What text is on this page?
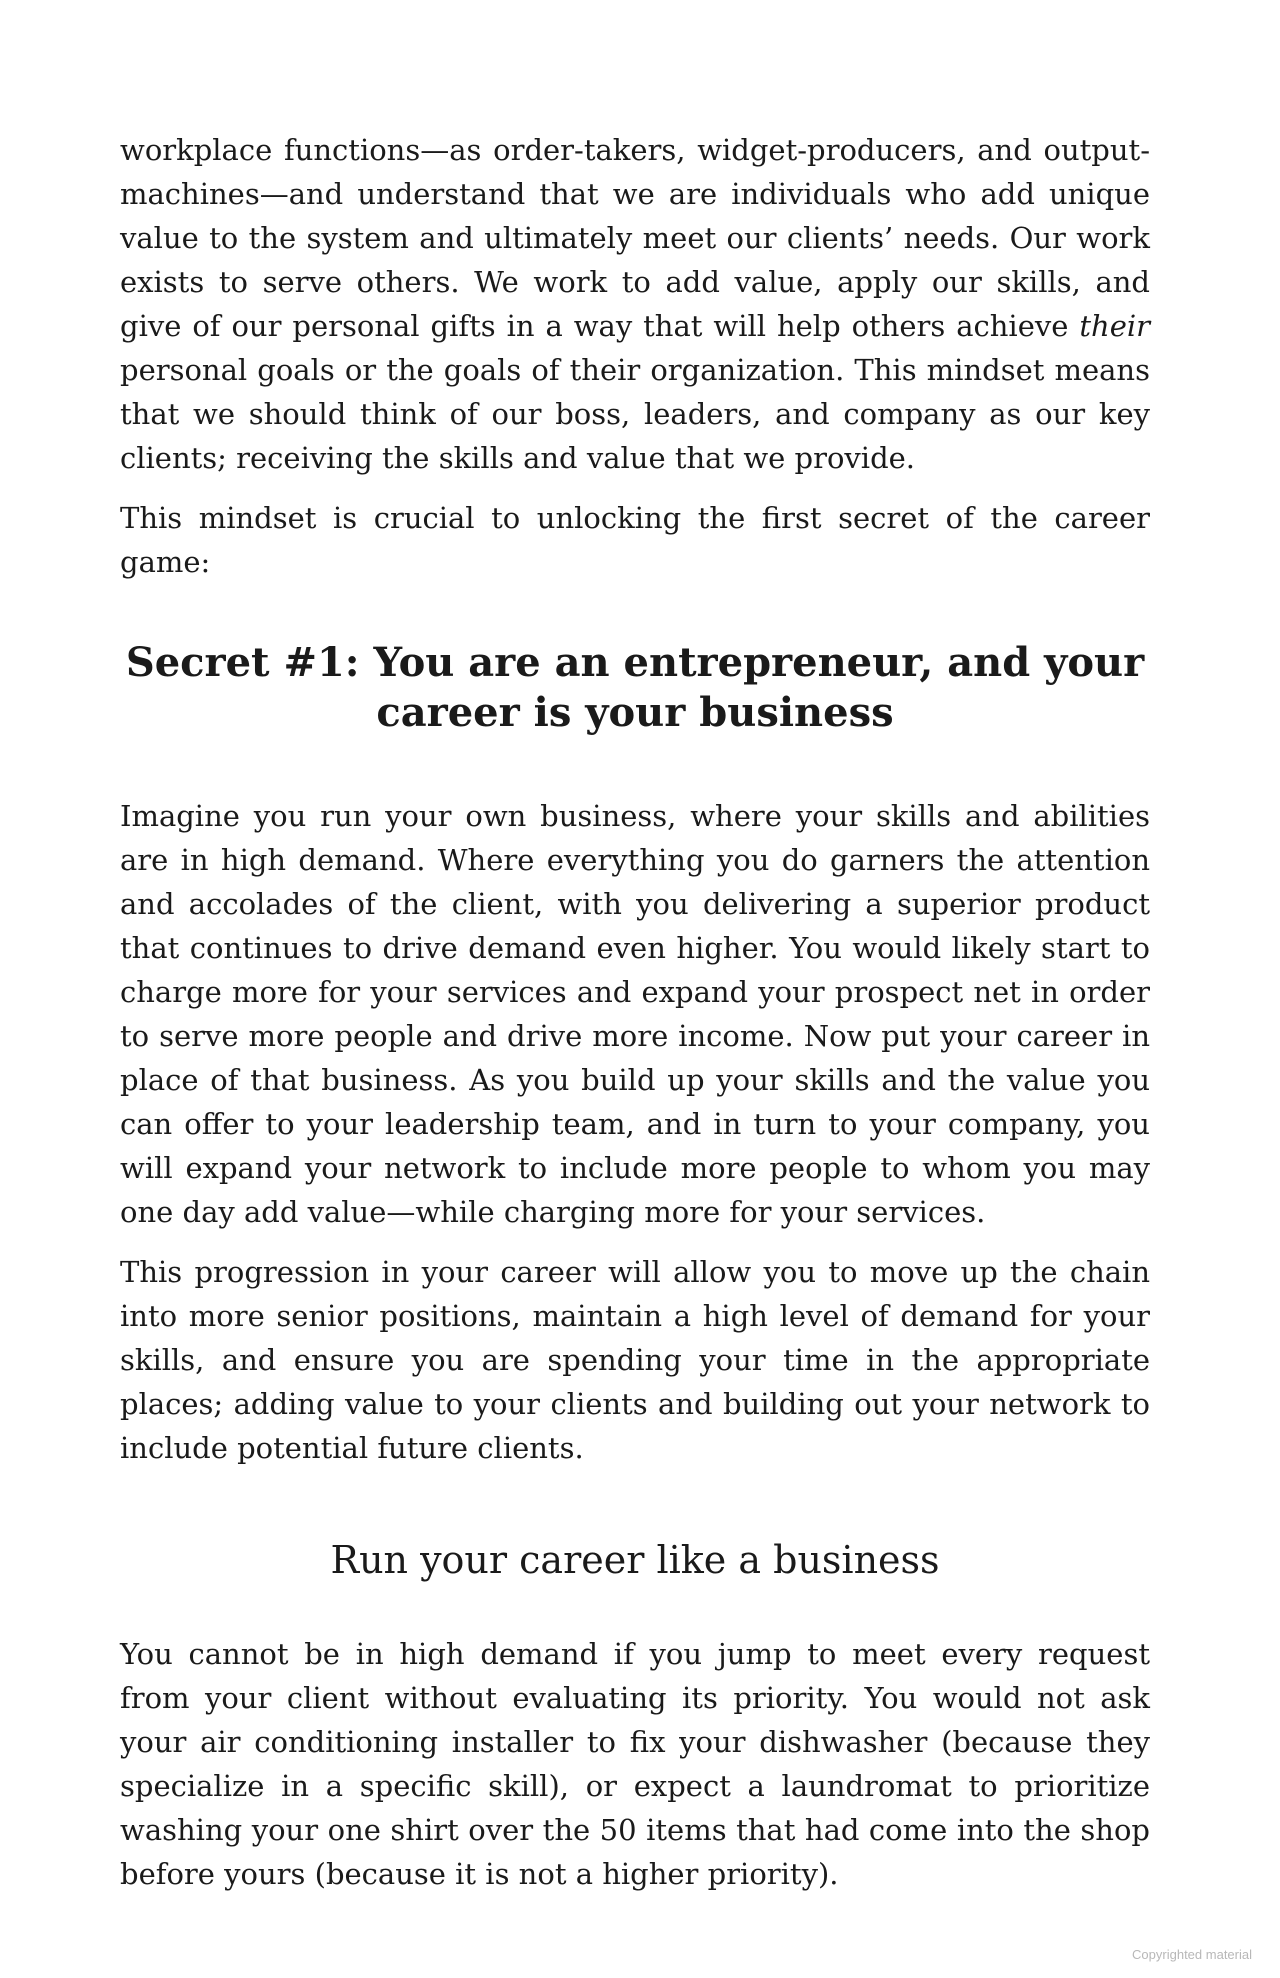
workplace functions—as order-takers, widget-producers, and output-machines—and understand that we are individuals who add unique value to the system and ultimately meet our clients’ needs. Our work exists to serve others. We work to add value, apply our skills, and give of our personal gifts in a way that will help others achieve their personal goals or the goals of their organization. This mindset means that we should think of our boss, leaders, and company as our key clients; receiving the skills and value that we provide.

This mindset is crucial to unlocking the first secret of the career game:

Secret #1: You are an entrepreneur, and your
career is your business

Imagine you run your own business, where your skills and abilities are in high demand. Where everything you do garners the attention and accolades of the client, with you delivering a superior product that continues to drive demand even higher. You would likely start to charge more for your services and expand your prospect net in order to serve more people and drive more income. Now put your career in place of that business. As you build up your skills and the value you can offer to your leadership team, and in turn to your company, you will expand your network to include more people to whom you may one day add value—while charging more for your services.

This progression in your career will allow you to move up the chain into more senior positions, maintain a high level of demand for your skills, and ensure you are spending your time in the appropriate places; adding value to your clients and building out your network to include potential future clients.

Run your career like a business

You cannot be in high demand if you jump to meet every request from your client without evaluating its priority. You would not ask your air conditioning installer to fix your dishwasher (because they specialize in a specific skill), or expect a laundromat to prioritize washing your one shirt over the 50 items that had come into the shop before yours (because it is not a higher priority).

Copyrighted material
